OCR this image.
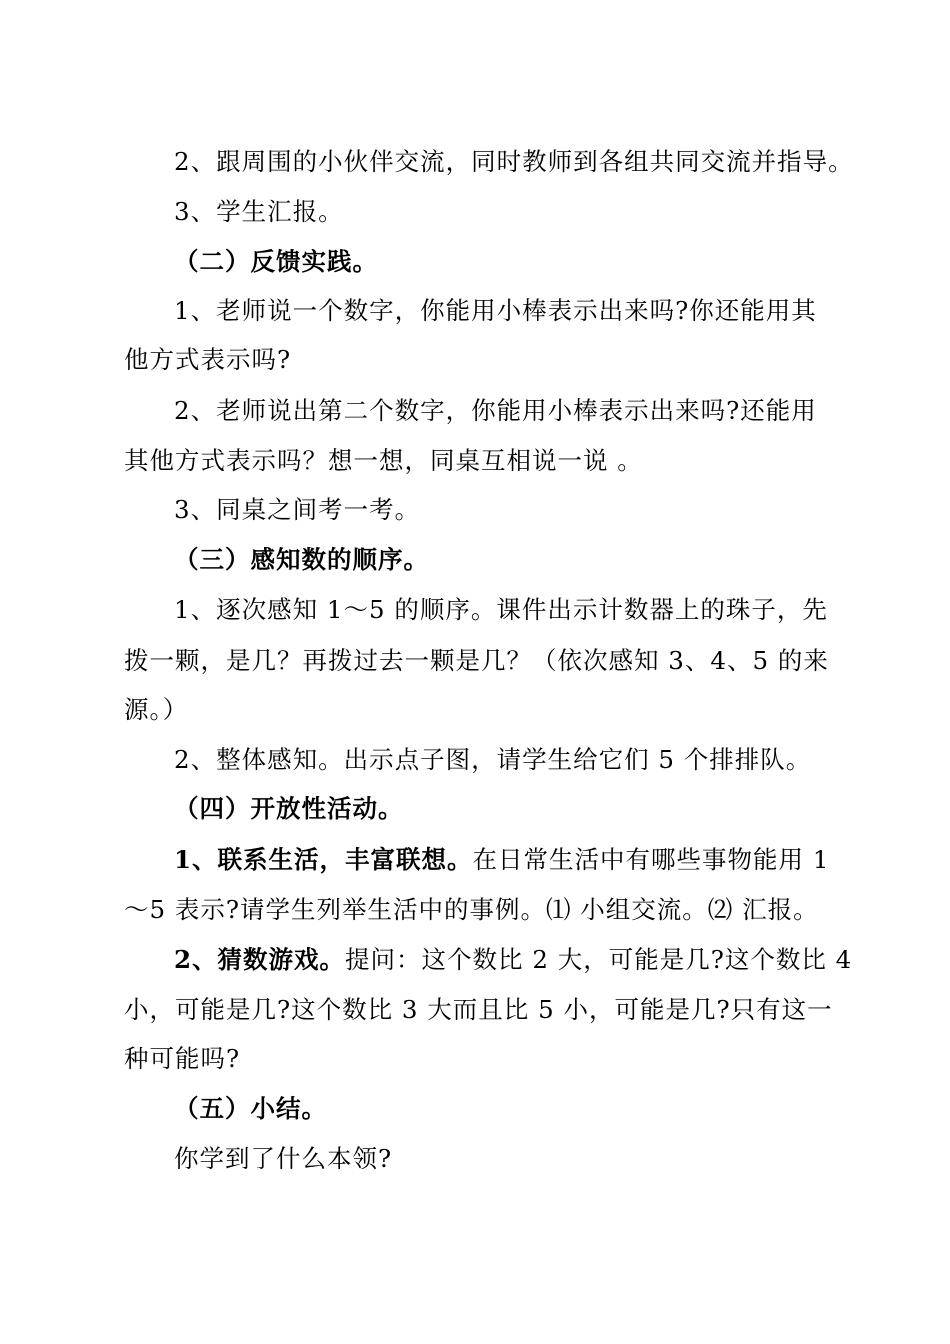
2、跟周围的小伙伴交流，同时教师到各组共同交流并指导。
3、学生汇报。
（二）反馈实践。
1、老师说一个数字，你能用小棒表示出来吗?你还能用其
他方式表示吗?
2、老师说出第二个数字，你能用小棒表示出来吗?还能用
其他方式表示吗？想一想，同桌互相说一说 。
3、同桌之间考一考。
（三）感知数的顺序。
1、逐次感知 1～5 的顺序。课件出示计数器上的珠子，先
拨一颗，是几？再拨过去一颗是几？（依次感知 3、4、5 的来
源。）
2、整体感知。出示点子图，请学生给它们 5 个排排队。
（四）开放性活动。
1、联系生活，丰富联想。在日常生活中有哪些事物能用 1
～5 表示?请学生列举生活中的事例。⑴ 小组交流。⑵ 汇报。
2、猜数游戏。提问：这个数比 2 大，可能是几?这个数比 4
小，可能是几?这个数比 3 大而且比 5 小，可能是几?只有这一
种可能吗?
（五）小结。
你学到了什么本领?
